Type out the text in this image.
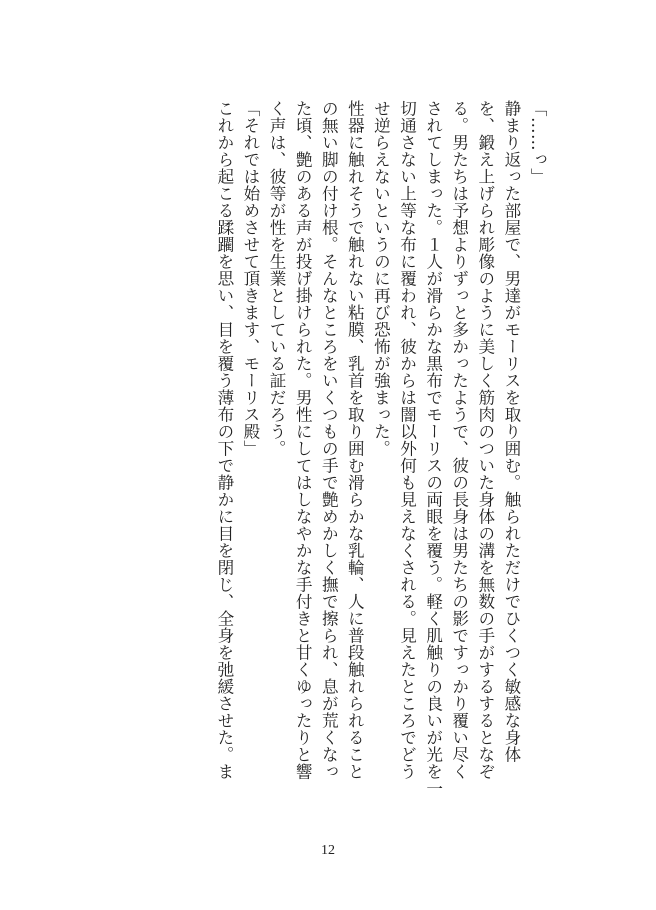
「……っ」

静まり返った部屋で、男達がモーリスを取り囲む。触られただけでひくつく敏感な身体

を、鍛え上げられ彫像のように美しく筋肉のついた身体の溝を無数の手がするするとなぞ

る。男たちは予想よりずっと多かったようで、彼の長身は男たちの影ですっかり覆い尽く

されてしまった。１人が滑らかな黒布でモーリスの両眼を覆う。軽く肌触りの良いが光を一

切通さない上等な布に覆われ、彼からは闇以外何も見えなくされる。見えたところでどう

せ逆らえないというのに再び恐怖が強まった。

性器に触れそうで触れない粘膜、乳首を取り囲む滑らかな乳輪、人に普段触れられること

の無い脚の付け根。そんなところをいくつもの手で艶めかしく撫で擦られ、息が荒くなっ

た頃、艶のある声が投げ掛けられた。男性にしてはしなやかな手付きと甘くゆったりと響

く声は、彼等が性を生業としている証だろう。

「それでは始めさせて頂きます、モーリス殿」

これから起こる蹂躙を思い、目を覆う薄布の下で静かに目を閉じ、全身を弛緩させた。ま

12
